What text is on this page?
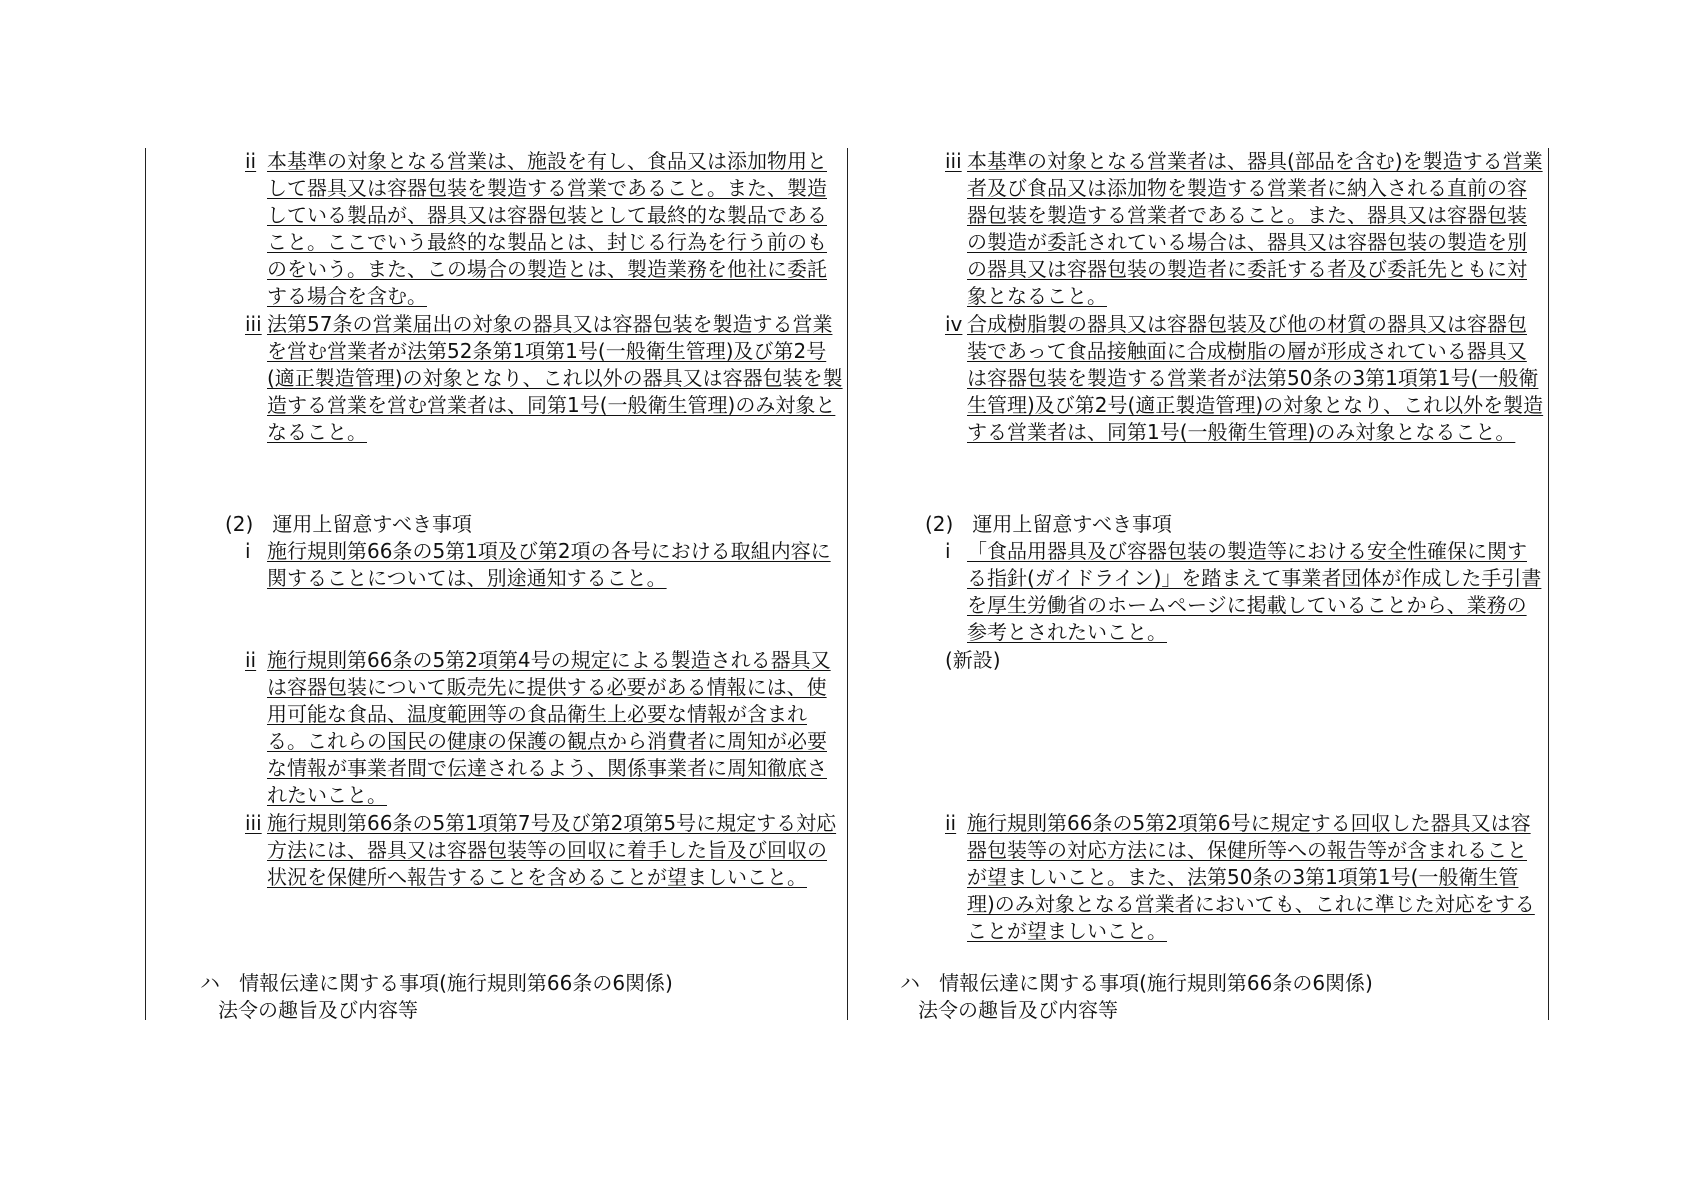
ii 本基準の対象となる営業は、施設を有し、食品又は添加物用として器具又は容器包装を製造する営業であること。また、製造している製品が、器具又は容器包装として最終的な製品であること。ここでいう最終的な製品とは、封じる行為を行う前のものをいう。また、この場合の製造とは、製造業務を他社に委託する場合を含む。

iii 法第57条の営業届出の対象の器具又は容器包装を製造する営業を営む営業者が法第52条第1項第1号(一般衛生管理)及び第2号(適正製造管理)の対象となり、これ以外の器具又は容器包装を製造する営業を営む営業者は、同第1号(一般衛生管理)のみ対象となること。

(2) 運用上留意すべき事項

i 施行規則第66条の5第1項及び第2項の各号における取組内容に関することについては、別途通知すること。

ii 施行規則第66条の5第2項第4号の規定による製造される器具又は容器包装について販売先に提供する必要がある情報には、使用可能な食品、温度範囲等の食品衛生上必要な情報が含まれる。これらの国民の健康の保護の観点から消費者に周知が必要な情報が事業者間で伝達されるよう、関係事業者に周知徹底されたいこと。

iii 施行規則第66条の5第1項第7号及び第2項第5号に規定する対応方法には、器具又は容器包装等の回収に着手した旨及び回収の状況を保健所へ報告することを含めることが望ましいこと。

ハ 情報伝達に関する事項(施行規則第66条の6関係)

法令の趣旨及び内容等

iii 本基準の対象となる営業者は、器具(部品を含む)を製造する営業者及び食品又は添加物を製造する営業者に納入される直前の容器包装を製造する営業者であること。また、器具又は容器包装の製造が委託されている場合は、器具又は容器包装の製造を別の器具又は容器包装の製造者に委託する者及び委託先ともに対象となること。

iv 合成樹脂製の器具又は容器包装及び他の材質の器具又は容器包装であって食品接触面に合成樹脂の層が形成されている器具又は容器包装を製造する営業者が法第50条の3第1項第1号(一般衛生管理)及び第2号(適正製造管理)の対象となり、これ以外を製造する営業者は、同第1号(一般衛生管理)のみ対象となること。

(2) 運用上留意すべき事項

i 「食品用器具及び容器包装の製造等における安全性確保に関する指針(ガイドライン)」を踏まえて事業者団体が作成した手引書を厚生労働省のホームページに掲載していることから、業務の参考とされたいこと。

(新設)

ii 施行規則第66条の5第2項第6号に規定する回収した器具又は容器包装等の対応方法には、保健所等への報告等が含まれることが望ましいこと。また、法第50条の3第1項第1号(一般衛生管理)のみ対象となる営業者においても、これに準じた対応をすることが望ましいこと。

ハ 情報伝達に関する事項(施行規則第66条の6関係)

法令の趣旨及び内容等
